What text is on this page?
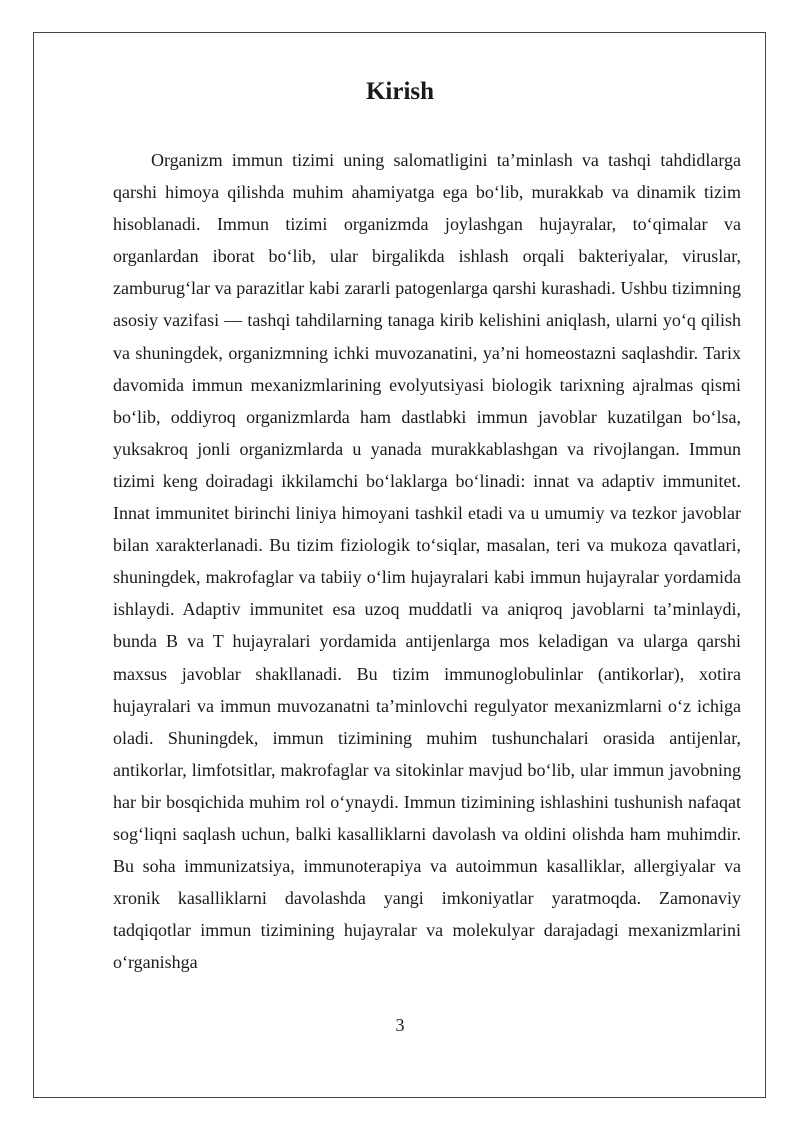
Kirish

Organizm immun tizimi uning salomatligini ta’minlash va tashqi tahdidlarga qarshi himoya qilishda muhim ahamiyatga ega bo‘lib, murakkab va dinamik tizim hisoblanadi. Immun tizimi organizmda joylashgan hujayralar, to‘qimalar va organlardan iborat bo‘lib, ular birgalikda ishlash orqali bakteriyalar, viruslar, zamburug‘lar va parazitlar kabi zararli patogenlarga qarshi kurashadi. Ushbu tizimning asosiy vazifasi — tashqi tahdilarning tanaga kirib kelishini aniqlash, ularni yo‘q qilish va shuningdek, organizmning ichki muvozanatini, ya’ni homeostazni saqlashdir. Tarix davomida immun mexanizmlarining evolyutsiyasi biologik tarixning ajralmas qismi bo‘lib, oddiyroq organizmlarda ham dastlabki immun javoblar kuzatilgan bo‘lsa, yuksakroq jonli organizmlarda u yanada murakkablashgan va rivojlangan. Immun tizimi keng doiradagi ikkilamchi bo‘laklarga bo‘linadi: innat va adaptiv immunitet. Innat immunitet birinchi liniya himoyani tashkil etadi va u umumiy va tezkor javoblar bilan xarakterlanadi. Bu tizim fiziologik to‘siqlar, masalan, teri va mukoza qavatlari, shuningdek, makrofaglar va tabiiy o‘lim hujayralari kabi immun hujayralar yordamida ishlaydi. Adaptiv immunitet esa uzoq muddatli va aniqroq javoblarni ta’minlaydi, bunda B va T hujayralari yordamida antijenlarga mos keladigan va ularga qarshi maxsus javoblar shakllanadi. Bu tizim immunoglobulinlar (antikorlar), xotira hujayralari va immun muvozanatni ta’minlovchi regulyator mexanizmlarni o‘z ichiga oladi. Shuningdek, immun tizimining muhim tushunchalari orasida antijenlar, antikorlar, limfotsitlar, makrofaglar va sitokinlar mavjud bo‘lib, ular immun javobning har bir bosqichida muhim rol o‘ynaydi. Immun tizimining ishlashini tushunish nafaqat sog‘liqni saqlash uchun, balki kasalliklarni davolash va oldini olishda ham muhimdir. Bu soha immunizatsiya, immunoterapiya va autoimmun kasalliklar, allergiyalar va xronik kasalliklarni davolashda yangi imkoniyatlar yaratmoqda. Zamonaviy tadqiqotlar immun tizimining hujayralar va molekulyar darajadagi mexanizmlarini o‘rganishga

3
